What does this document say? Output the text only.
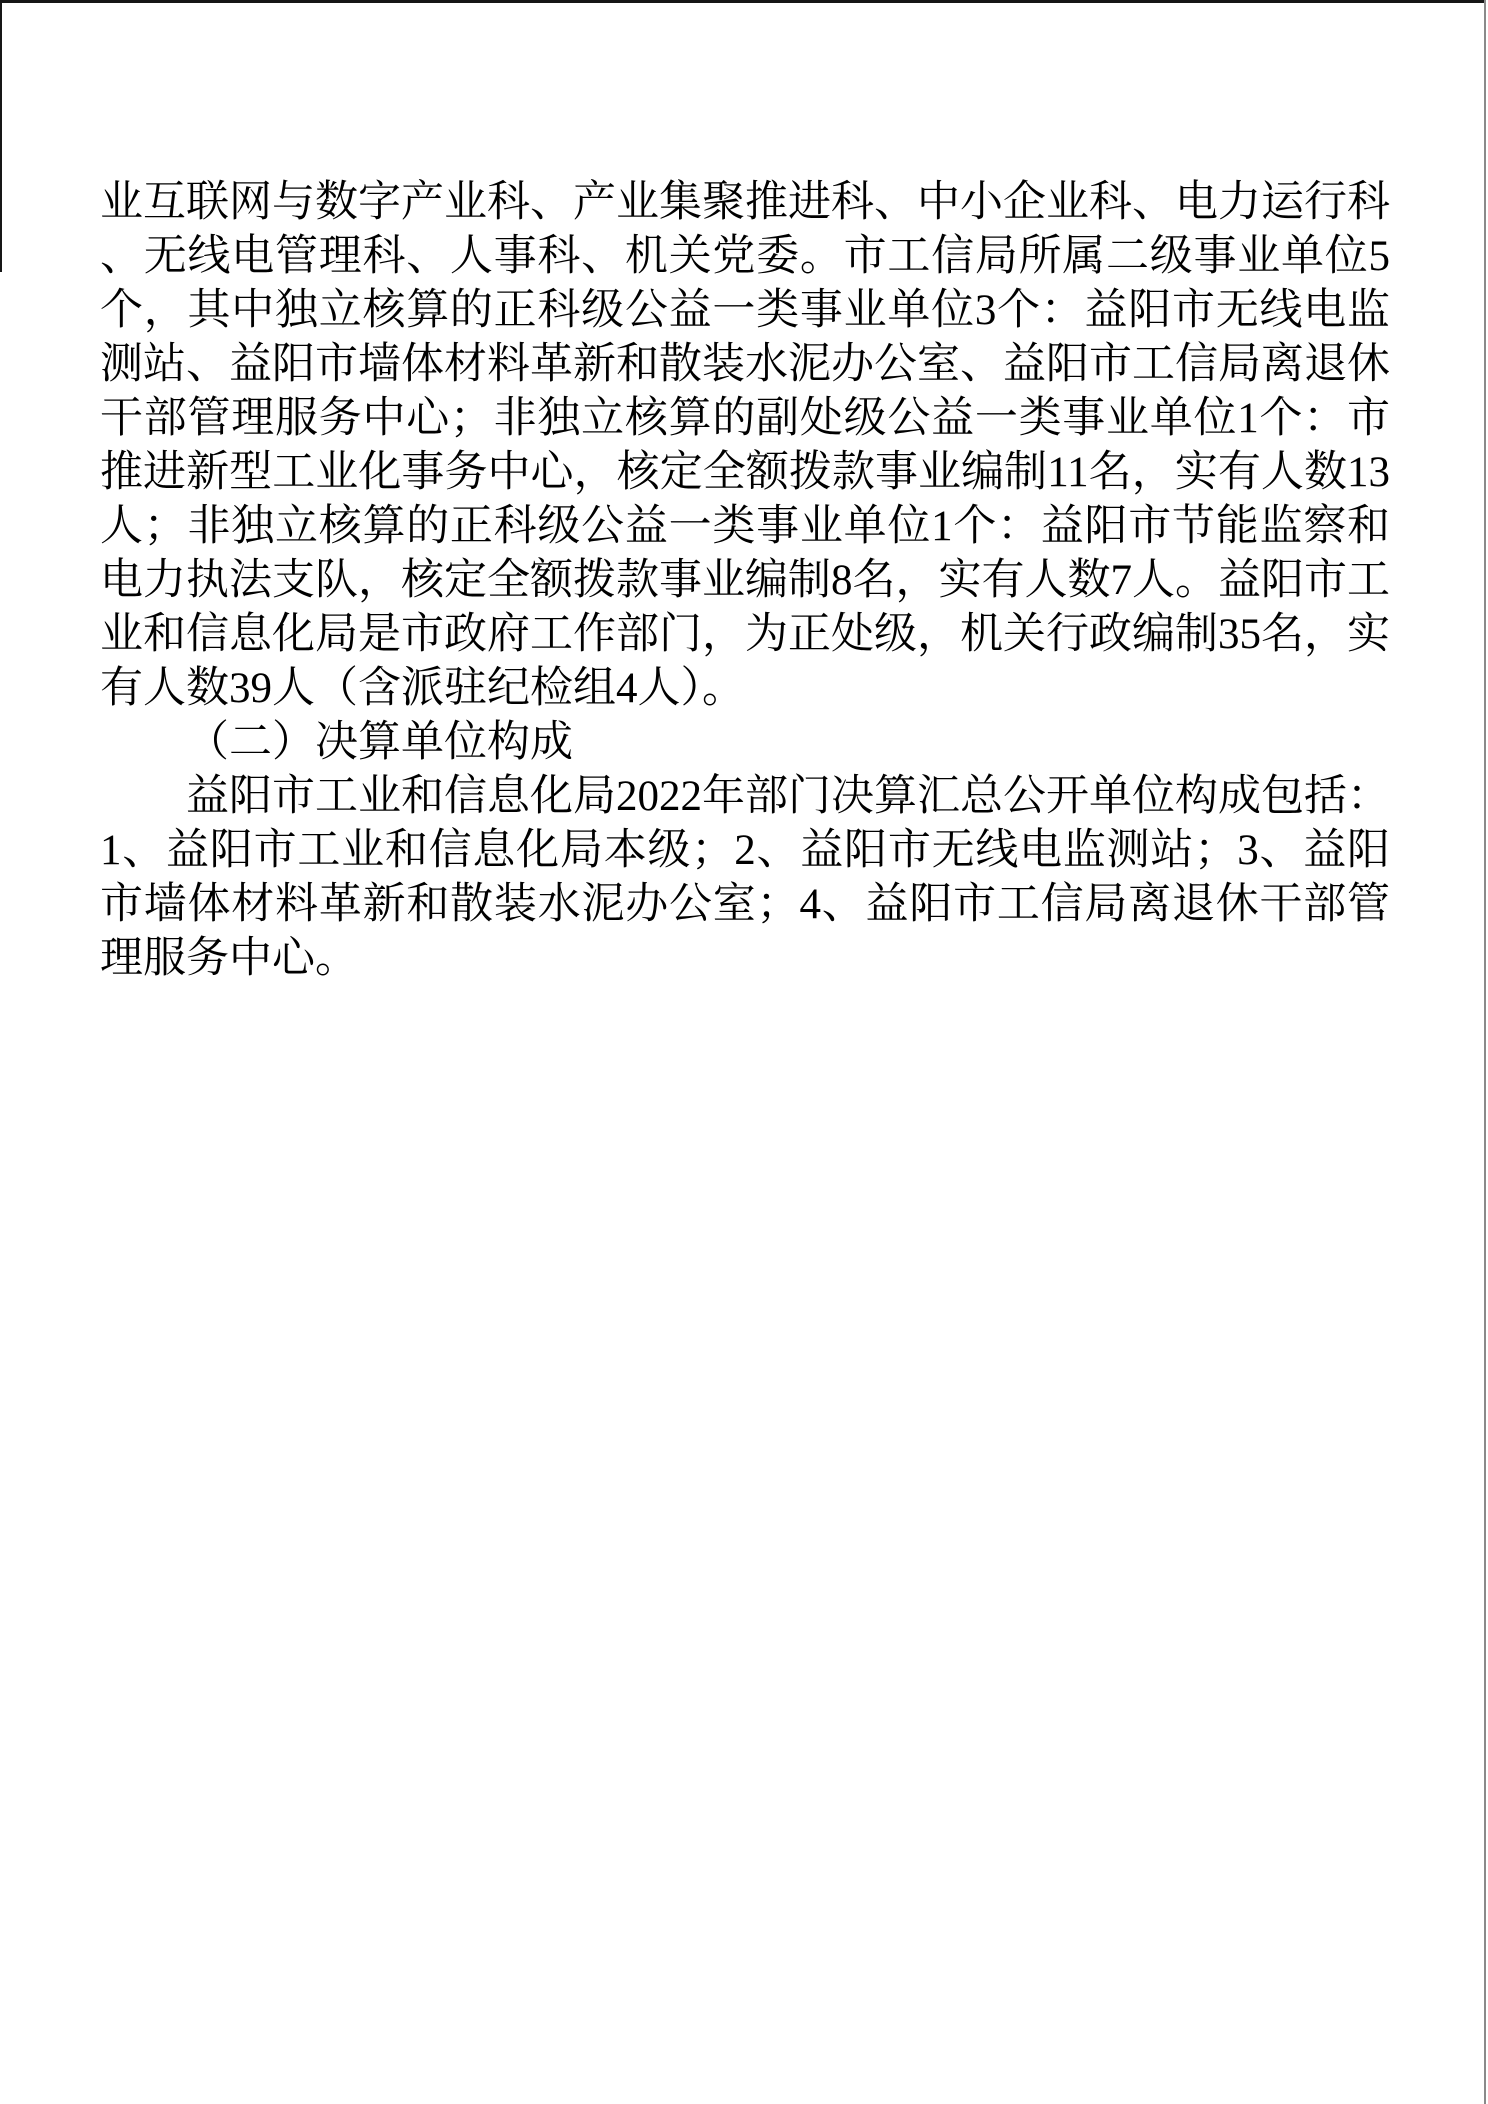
业互联网与数字产业科、产业集聚推进科、中小企业科、电力运行科
、无线电管理科、人事科、机关党委。市工信局所属二级事业单位5
个，其中独立核算的正科级公益一类事业单位3个：益阳市无线电监
测站、益阳市墙体材料革新和散装水泥办公室、益阳市工信局离退休
干部管理服务中心；非独立核算的副处级公益一类事业单位1个：市
推进新型工业化事务中心，核定全额拨款事业编制11名，实有人数13
人；非独立核算的正科级公益一类事业单位1个：益阳市节能监察和
电力执法支队，核定全额拨款事业编制8名，实有人数7人。益阳市工
业和信息化局是市政府工作部门，为正处级，机关行政编制35名，实
有人数39人（含派驻纪检组4人）。
（二）决算单位构成
益阳市工业和信息化局2022年部门决算汇总公开单位构成包括：
1、益阳市工业和信息化局本级；2、益阳市无线电监测站；3、益阳
市墙体材料革新和散装水泥办公室；4、益阳市工信局离退休干部管
理服务中心。
